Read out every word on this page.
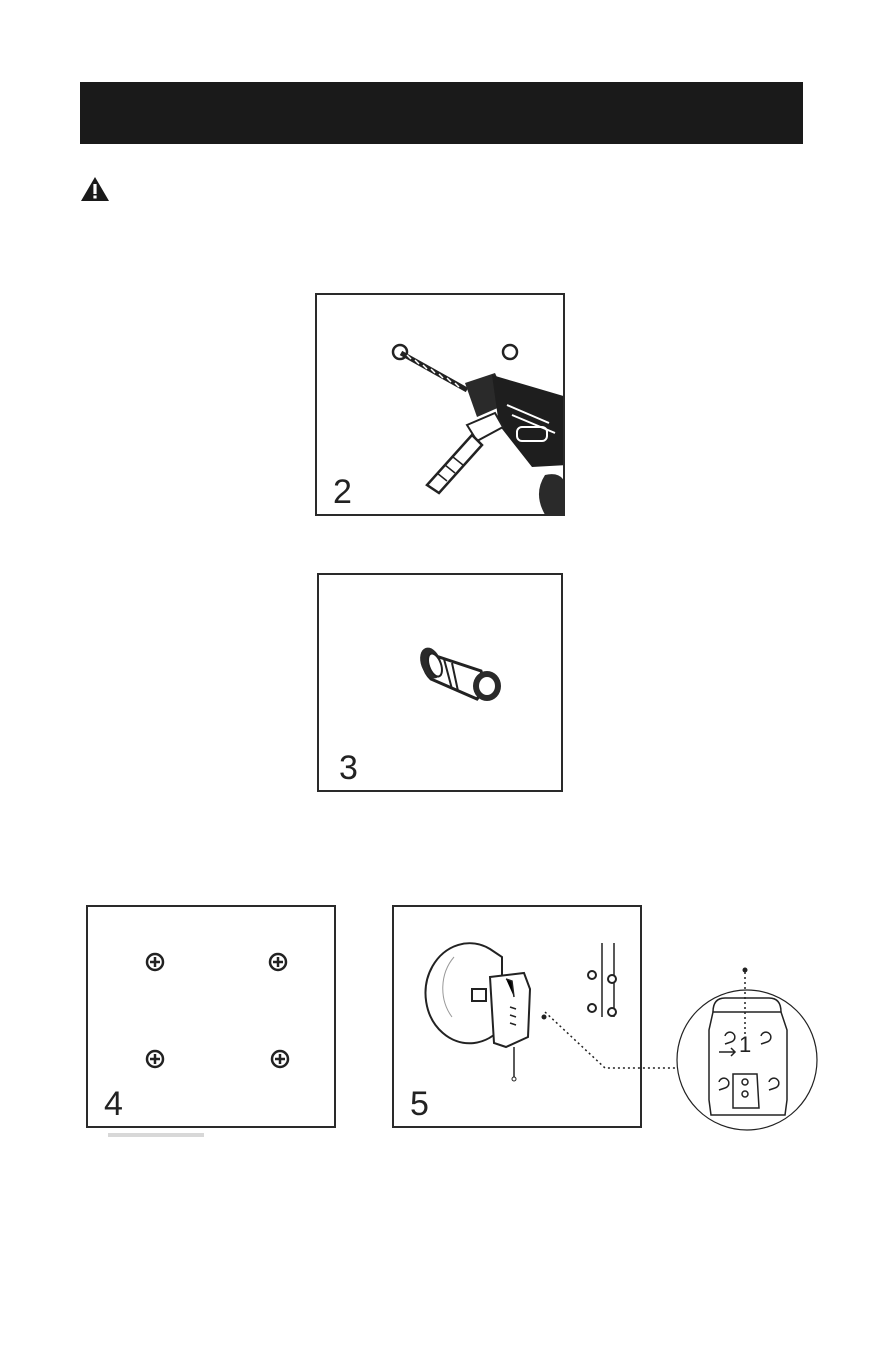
2
3
4	5
1
